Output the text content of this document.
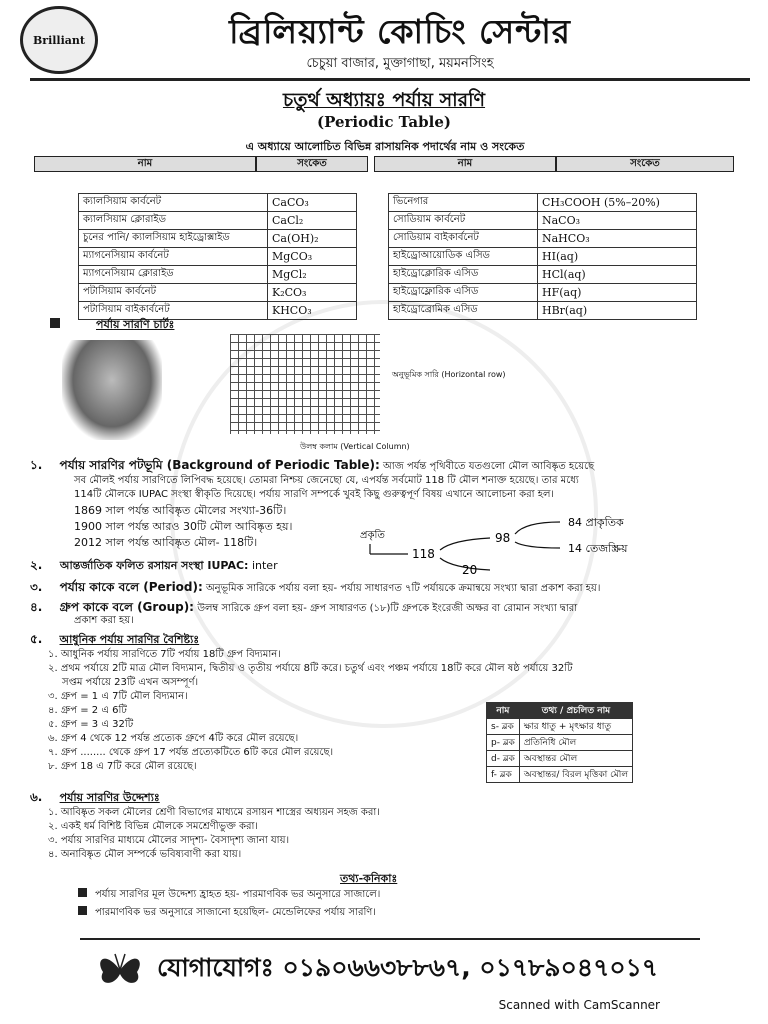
Brilliant	ব্রিলিয়্যান্ট কোচিং সেন্টার
চেচুয়া বাজার, মুক্তাগাছা, ময়মনসিংহ
চতুর্থ অধ্যায়ঃ পর্যায় সারণি
(Periodic Table)
এ অধ্যায়ে আলোচিত বিভিন্ন রাসায়নিক পদার্থের নাম ও সংকেত
নাম	সংকেত	নাম	সংকেত
ক্যালসিয়াম কার্বনেট	CaCO₃
ক্যালসিয়াম ক্লোরাইড	CaCl₂
চুনের পানি/ ক্যালসিয়াম হাইড্রোক্সাইড	Ca(OH)₂
ম্যাগনেসিয়াম কার্বনেট	MgCO₃
ম্যাগনেসিয়াম ক্লোরাইড	MgCl₂
পটাসিয়াম কার্বনেট	K₂CO₃
পটাসিয়াম বাইকার্বনেট	KHCO₃
ভিনেগার	CH₃COOH (5%–20%)
সোডিয়াম কার্বনেট	NaCO₃
সোডিয়াম বাইকার্বনেট	NaHCO₃
হাইড্রোআয়োডিক এসিড	HI(aq)
হাইড্রোক্লোরিক এসিড	HCl(aq)
হাইড্রোফ্লোরিক এসিড	HF(aq)
হাইড্রোব্রোমিক এসিড	HBr(aq)
পর্যায় সারণি চার্টঃ
অনুভূমিক সারি (Horizontal row)
উলম্ব কলাম (Vertical Column)
১. পর্যায় সারণির পটভূমি (Background of Periodic Table): আজ পর্যন্ত পৃথিবীতে যতগুলো মৌল আবিষ্কৃত হয়েছে
সব মৌলই পর্যায় সারণিতে লিপিবদ্ধ হয়েছে। তোমরা নিশ্চয় জেনেছো যে, এপর্যন্ত সর্বমোট 118 টি মৌল শনাক্ত হয়েছে। তার মধ্যে
114টি মৌলকে IUPAC সংস্থা স্বীকৃতি দিয়েছে। পর্যায় সারণি সম্পর্কে খুবই কিছু গুরুত্বপূর্ণ বিষয় এখানে আলোচনা করা হল।
1869 সাল পর্যন্ত আবিষ্কৃত মৌলের সংখ্যা-36টি।
1900 সাল পর্যন্ত আরও 30টি মৌল আবিষ্কৃত হয়।
2012 সাল পর্যন্ত আবিষ্কৃত মৌল- 118টি।
প্রকৃতি
118
98
20
84 প্রাকৃতিক
14 তেজস্ক্রিয়
২. আন্তর্জাতিক ফলিত রসায়ন সংস্থা IUPAC: inter
৩. পর্যায় কাকে বলে (Period): অনুভূমিক সারিকে পর্যায় বলা হয়- পর্যায় সাধারণত ৭টি পর্যায়কে ক্রমান্বয়ে সংখ্যা দ্বারা প্রকাশ করা হয়।
৪. গ্রুপ কাকে বলে (Group): উলম্ব সারিকে গ্রুপ বলা হয়- গ্রুপ সাধারণত (১৮)টি গ্রুপকে ইংরেজী অক্ষর বা রোমান সংখ্যা দ্বারা
প্রকাশ করা হয়।
৫. আধুনিক পর্যায় সারণির বৈশিষ্ট্যঃ
১. আধুনিক পর্যায় সারণিতে 7টি পর্যায় 18টি গ্রুপ বিদ্যমান।
২. প্রথম পর্যায়ে 2টি মাত্র মৌল বিদ্যমান, দ্বিতীয় ও তৃতীয় পর্যায়ে 8টি করে। চতুর্থ এবং পঞ্চম পর্যায়ে 18টি করে মৌল ষষ্ঠ পর্যায়ে 32টি
সপ্তম পর্যায়ে 23টি এখন অসম্পূর্ণ।
৩. গ্রুপ = 1 এ 7টি মৌল বিদ্যমান।
৪. গ্রুপ = 2 এ 6টি
৫. গ্রুপ = 3 এ 32টি
৬. গ্রুপ 4 থেকে 12 পর্যন্ত প্রত্যেক গ্রুপে 4টি করে মৌল রয়েছে।
৭. গ্রুপ ........ থেকে গ্রুপ 17 পর্যন্ত প্রত্যেকটিতে 6টি করে মৌল রয়েছে।
৮. গ্রুপ 18 এ 7টি করে মৌল রয়েছে।
নাম	তথ্য / প্রচলিত নাম
s- ব্লক	ক্ষার ধাতু + মৃৎক্ষার ধাতু
p- ব্লক	প্রতিনিধি মৌল
d- ব্লক	অবস্থান্তর মৌল
f- ব্লক	অবস্থান্তর/ বিরল মৃত্তিকা মৌল
৬. পর্যায় সারণির উদ্দেশ্যঃ
১. আবিষ্কৃত সকল মৌলের শ্রেণী বিভাগের মাধ্যমে রসায়ন শাস্ত্রের অধ্যয়ন সহজ করা।
২. একই ধর্ম বিশিষ্ট বিভিন্ন মৌলকে সমশ্রেণীভুক্ত করা।
৩. পর্যায় সারণির মাধ্যমে মৌলের সাদৃশ্য- বৈসাদৃশ্য জানা যায়।
৪. অনাবিষ্কৃত মৌল সম্পর্কে ভবিষ্যবাণী করা যায়।
তথ্য-কনিকাঃ
পর্যায় সারণির মূল উদ্দেশ্য হ্রাহত হয়- পারমাণবিক ভর অনুসারে সাজালে।
পারমাণবিক ভর অনুসারে সাজানো হয়েছিল- মেন্ডেলিফের পর্যায় সারণি।
যোগাযোগঃ ০১৯০৬৬৩৮৮৬৭, ০১৭৮৯০৪৭০১৭
Scanned with CamScanner
